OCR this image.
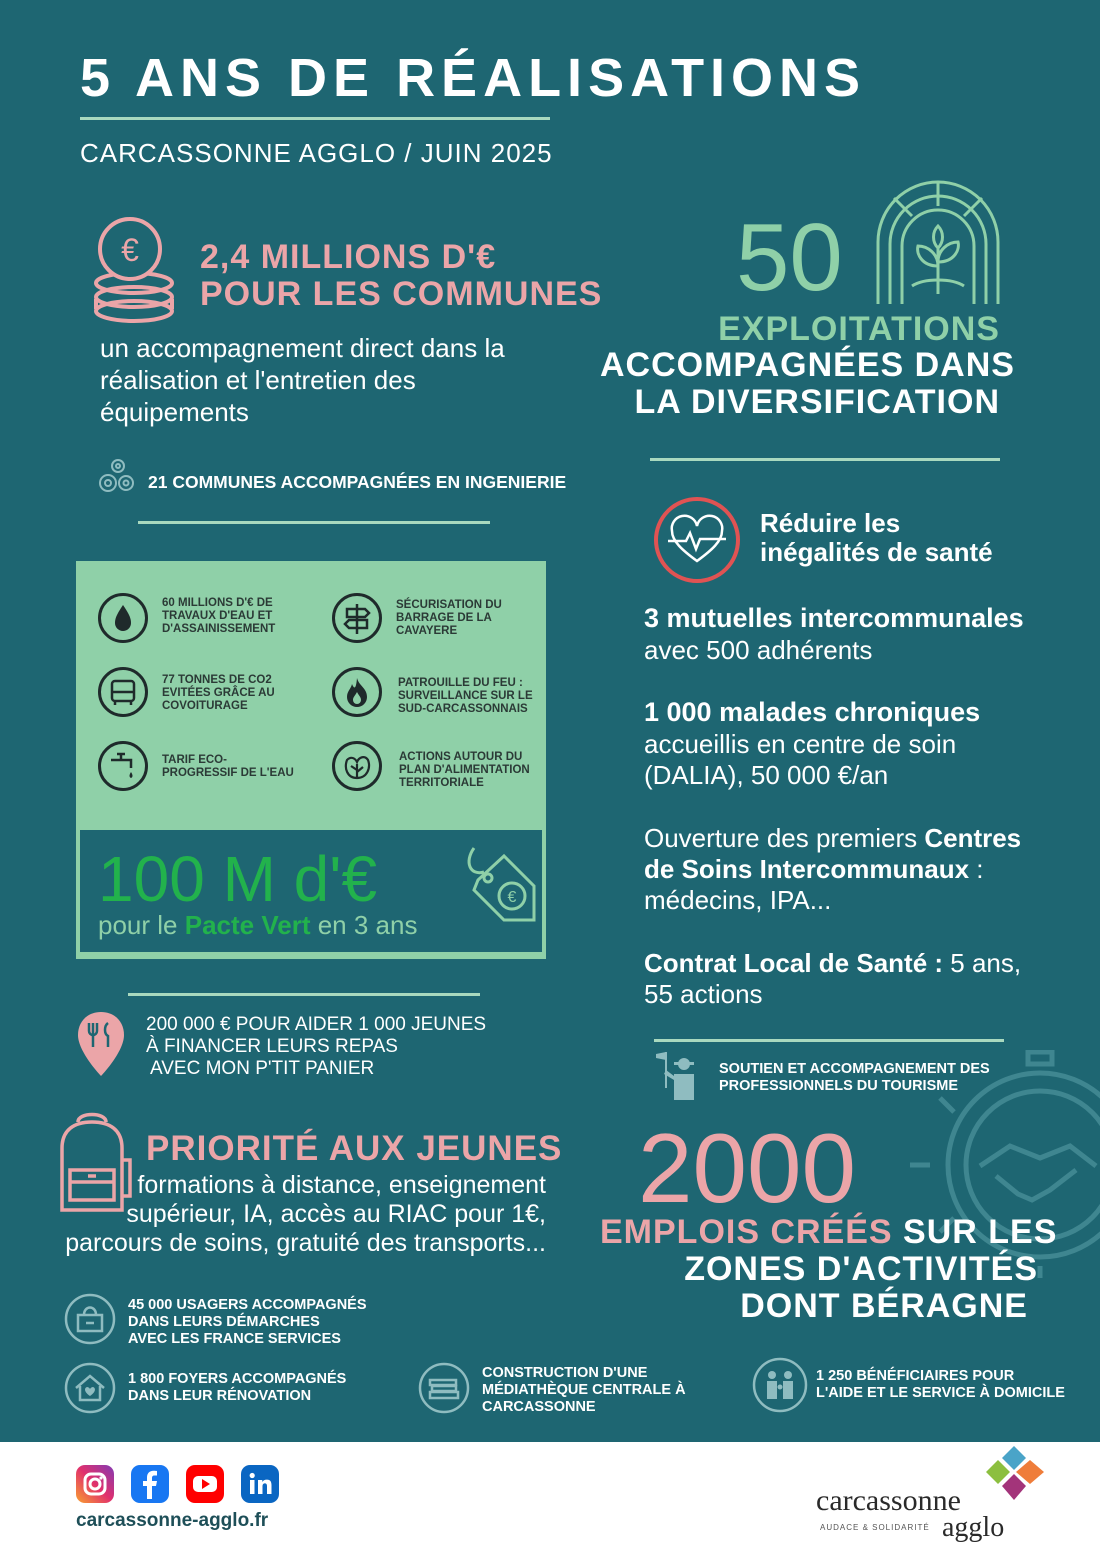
5 ANS DE RÉALISATIONS
CARCASSONNE AGGLO / JUIN 2025
€ 2,4 MILLIONS D'€
POUR LES COMMUNES
un accompagnement direct dans la
réalisation et l'entretien des
équipements
21 COMMUNES ACCOMPAGNÉES EN INGENIERIE
50
EXPLOITATIONS
ACCOMPAGNÉES DANS
LA DIVERSIFICATION
60 MILLIONS D'€ DE TRAVAUX D'EAU ET D'ASSAINISSEMENT
SÉCURISATION DU BARRAGE DE LA CAVAYERE
77 TONNES DE CO2 EVITÉES GRÂCE AU COVOITURAGE
PATROUILLE DU FEU : SURVEILLANCE SUR LE SUD-CARCASSONNAIS
TARIF ECO-PROGRESSIF DE L'EAU
ACTIONS AUTOUR DU PLAN D'ALIMENTATION TERRITORIALE
100 M d'€
pour le Pacte Vert en 3 ans
€
Réduire les
inégalités de santé
3 mutuelles intercommunales
avec 500 adhérents
1 000 malades chroniques
accueillis en centre de soin
(DALIA), 50 000 €/an
Ouverture des premiers Centres
de Soins Intercommunaux :
médecins, IPA...
Contrat Local de Santé : 5 ans,
55 actions
200 000 € POUR AIDER 1 000 JEUNES
À FINANCER LEURS REPAS
AVEC MON P'TIT PANIER	SOUTIEN ET ACCOMPAGNEMENT DES
PROFESSIONNELS DU TOURISME
PRIORITÉ AUX JEUNES
formations à distance, enseignement
supérieur, IA, accès au RIAC pour 1€,
parcours de soins, gratuité des transports...
2000
EMPLOIS CRÉÉS SUR LES
ZONES D'ACTIVITÉS
DONT BÉRAGNE
45 000 USAGERS ACCOMPAGNÉS
DANS LEURS DÉMARCHES
AVEC LES FRANCE SERVICES
1 800 FOYERS ACCOMPAGNÉS
DANS LEUR RÉNOVATION
CONSTRUCTION D'UNE
MÉDIATHÈQUE CENTRALE À
CARCASSONNE
1 250 BÉNÉFICIAIRES POUR
L'AIDE ET LE SERVICE À DOMICILE
carcassonne-agglo.fr
carcassonne
AUDACE & SOLIDARITÉ agglo
